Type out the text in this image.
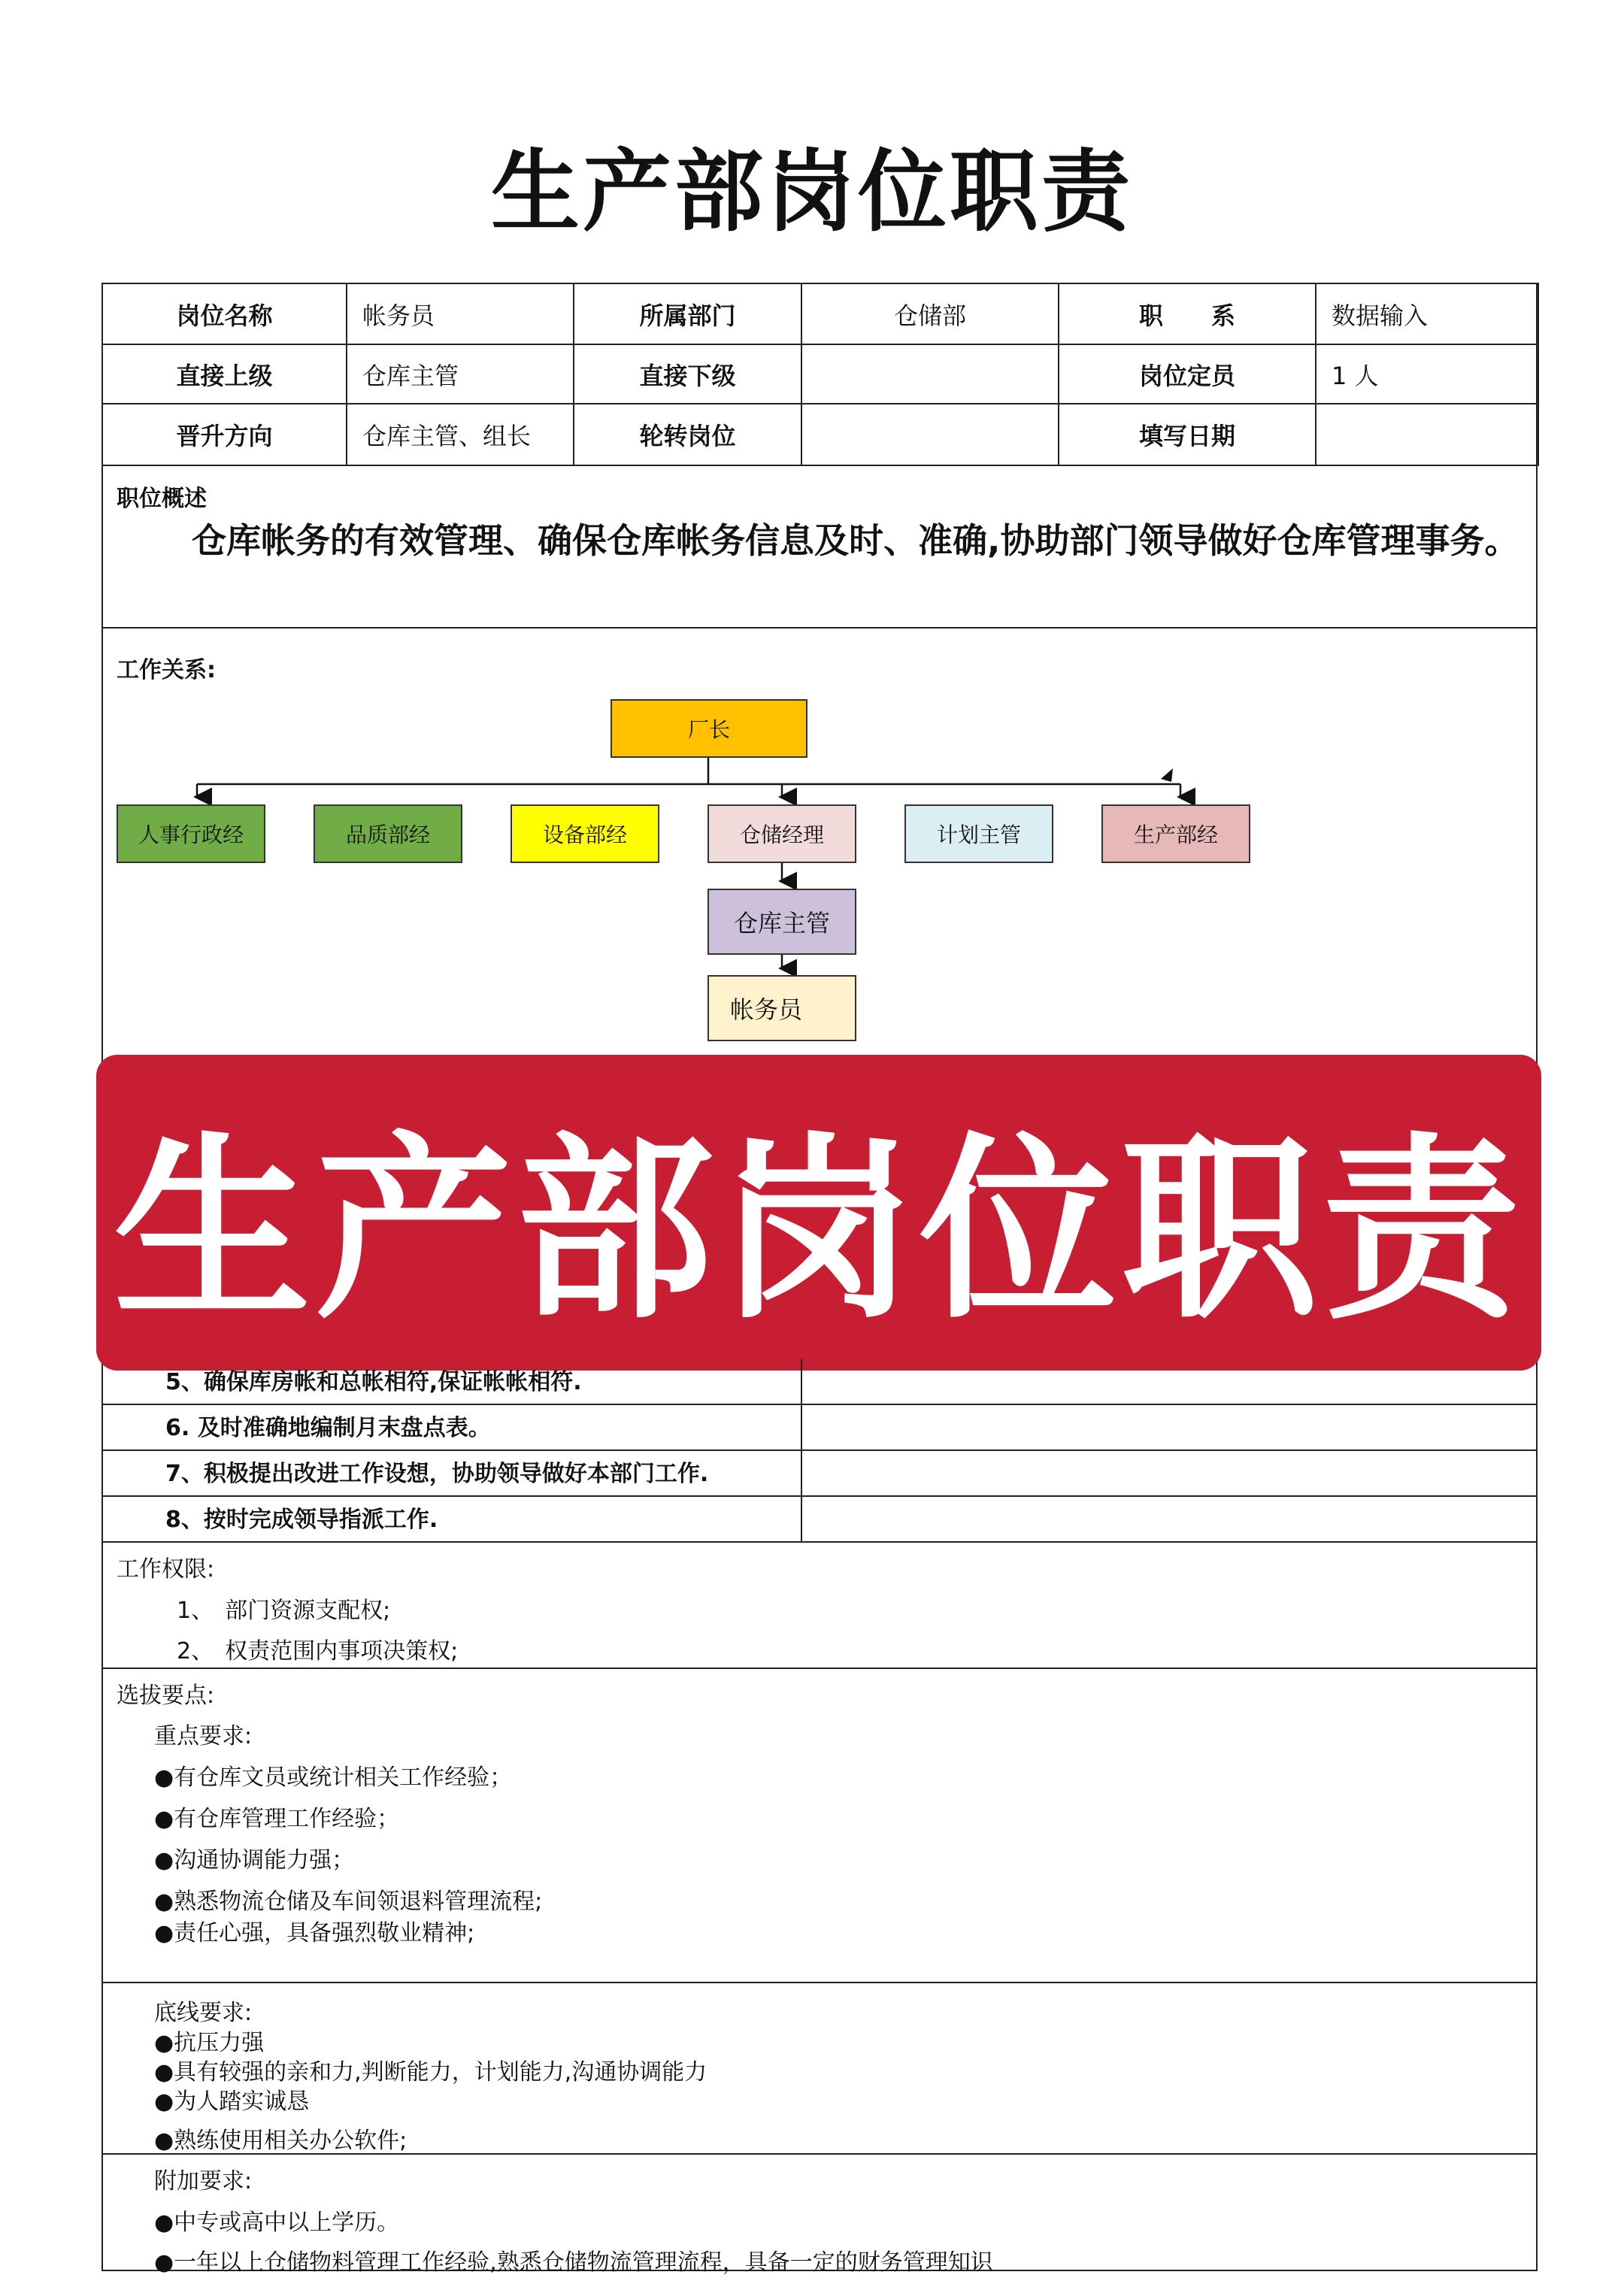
生产部岗位职责
岗位名称	帐务员	所属部门	仓储部	职　　系	数据输入
直接上级	仓库主管	直接下级		岗位定员	1 人
晋升方向	仓库主管、组长	轮转岗位		填写日期	
职位概述
仓库帐务的有效管理、确保仓库帐务信息及时、准确,协助部门领导做好仓库管理事务。
工作关系:
厂长
人事行政经	品质部经	设备部经	仓储经理	计划主管	生产部经
仓库主管
帐务员
生产部岗位职责
5、确保库房帐和总帐相符,保证帐帐相符.
6. 及时准确地编制月末盘点表。
7、积极提出改进工作设想，协助领导做好本部门工作.
8、按时完成领导指派工作.
工作权限:
1、　部门资源支配权;
2、　权责范围内事项决策权;
选拔要点:
重点要求:
●有仓库文员或统计相关工作经验；
●有仓库管理工作经验；
●沟通协调能力强；
●熟悉物流仓储及车间领退料管理流程;
●责任心强，具备强烈敬业精神;
底线要求:
●抗压力强
●具有较强的亲和力,判断能力，计划能力,沟通协调能力
●为人踏实诚恳
●熟练使用相关办公软件;
附加要求:
●中专或高中以上学历。
●一年以上仓储物料管理工作经验,熟悉仓储物流管理流程，具备一定的财务管理知识
